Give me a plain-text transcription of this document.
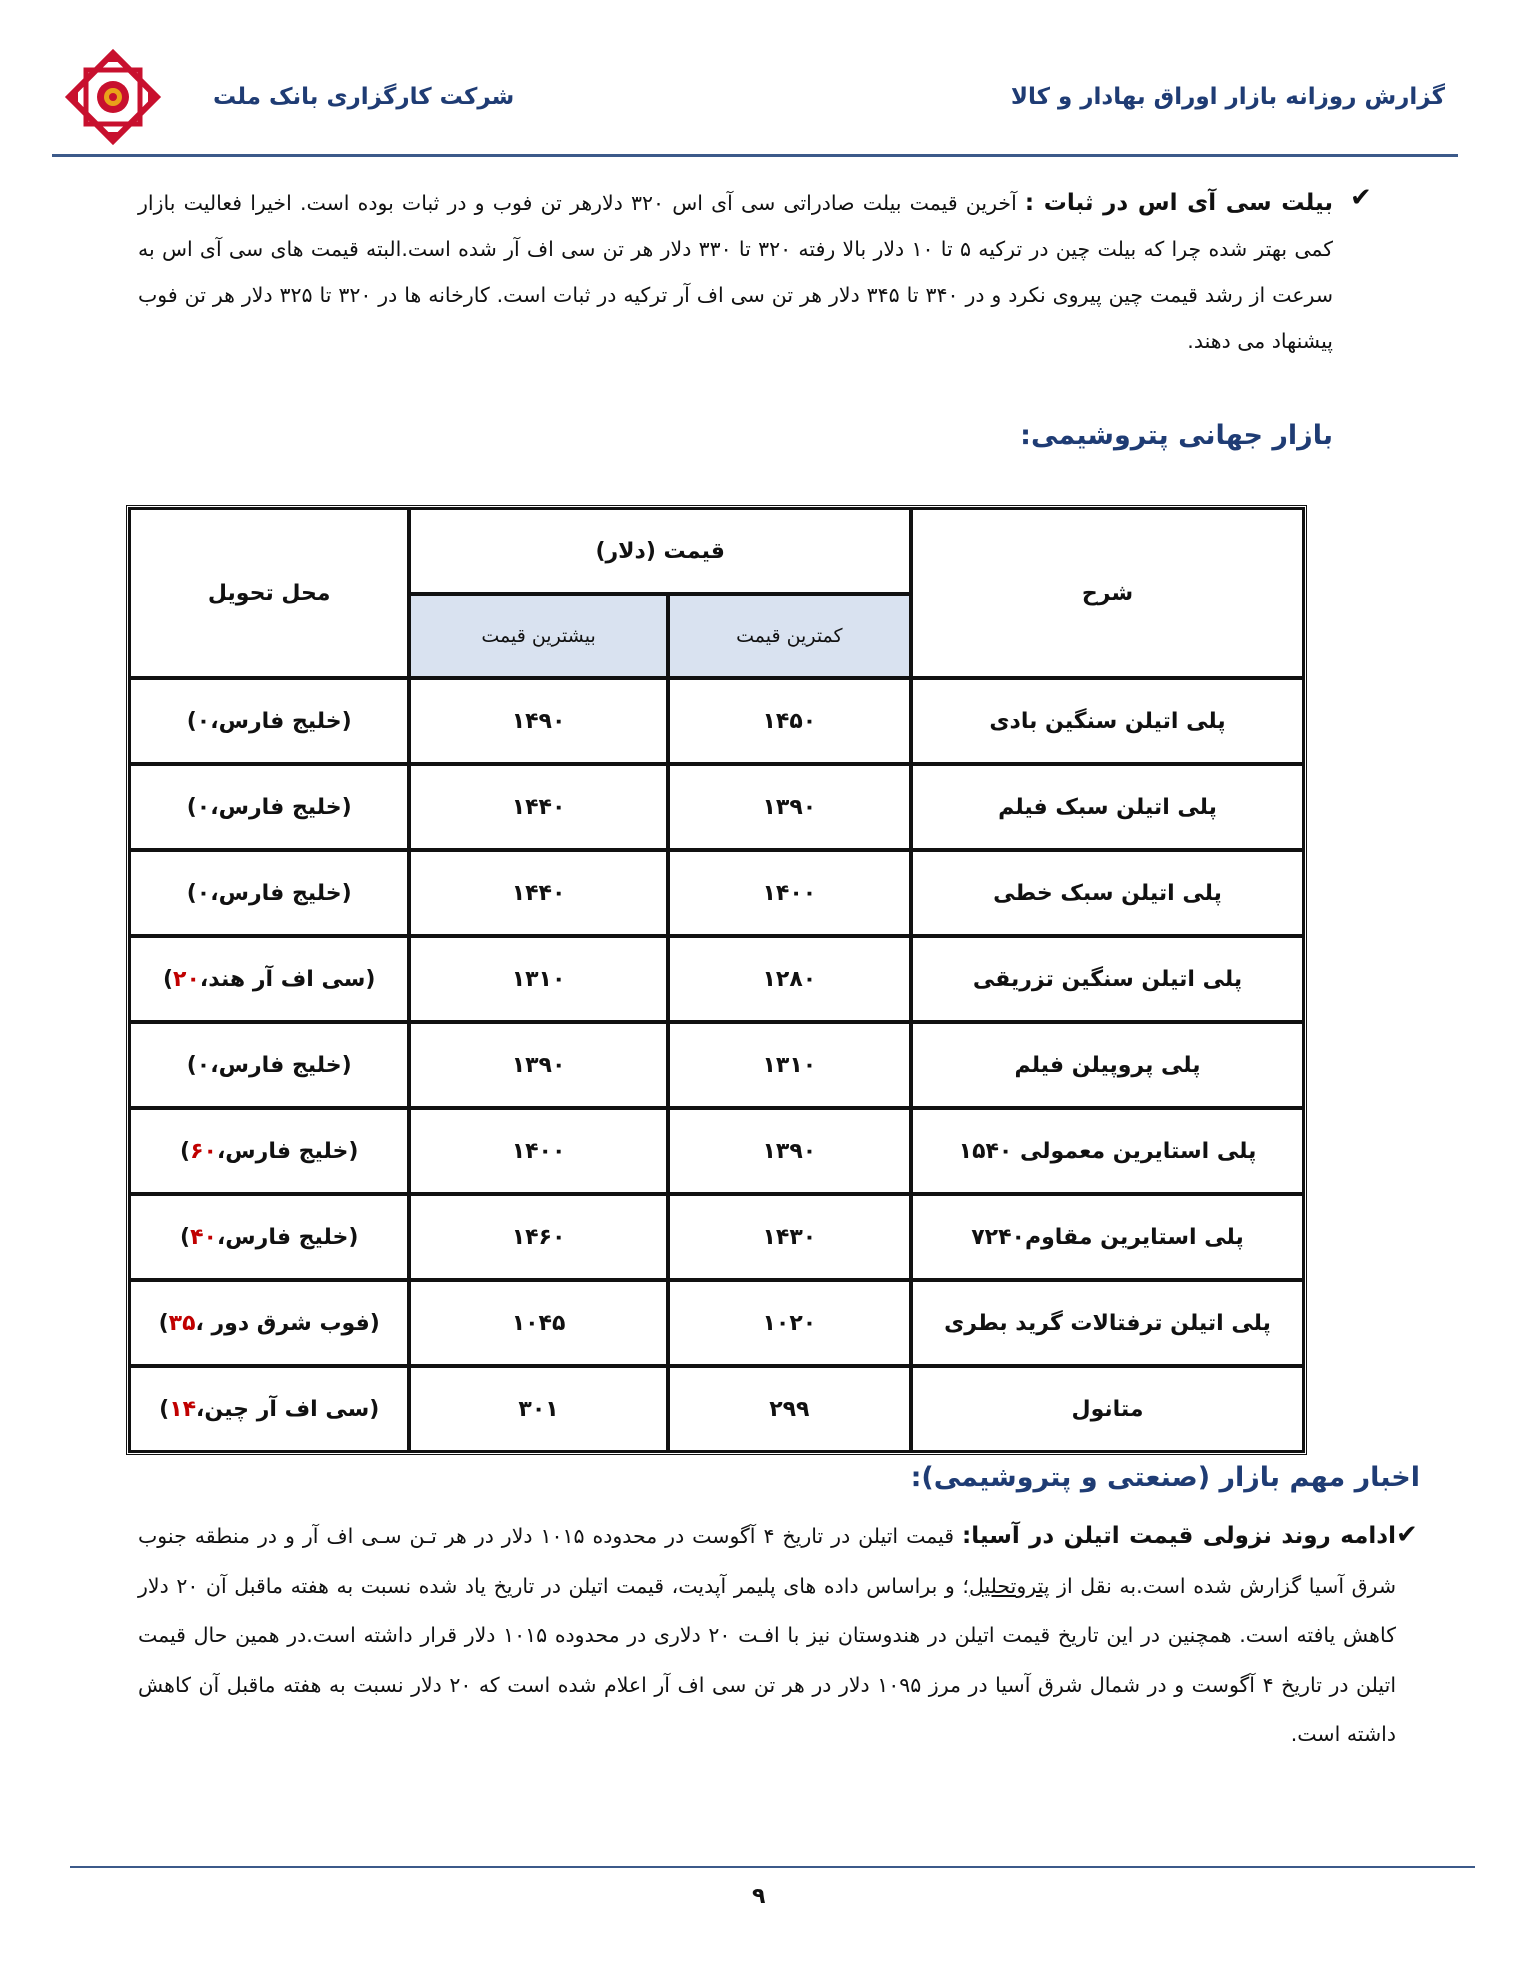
شرکت کارگزاری بانک ملت	گزارش روزانه بازار اوراق بهادار و کالا
✔
بیلت سی آی اس در ثبات : آخرین قیمت بیلت صادراتی سی آی اس ۳۲۰ دلارهر تن فوب و در ثبات بوده است. اخیرا فعالیت بازار کمی بهتر شده چرا که بیلت چین در ترکیه ۵ تا ۱۰ دلار بالا رفته ۳۲۰ تا ۳۳۰ دلار هر تن سی اف آر شده است.البته قیمت های سی آی اس به سرعت از رشد قیمت چین پیروی نکرد و در ۳۴۰ تا ۳۴۵ دلار هر تن سی اف آر ترکیه در ثبات است. کارخانه ها در ۳۲۰ تا ۳۲۵ دلار هر تن فوب پیشنهاد می دهند.
بازار جهانی پتروشیمی:
شرح	قیمت (دلار)		محل تحویل
	کمترین قیمت	بیشترین قیمت	
پلی اتیلن سنگین بادی	۱۴۵۰	۱۴۹۰	(خلیج فارس،۰)
پلی اتیلن سبک فیلم	۱۳۹۰	۱۴۴۰	(خلیج فارس،۰)
پلی اتیلن سبک خطی	۱۴۰۰	۱۴۴۰	(خلیج فارس،۰)
پلی اتیلن سنگین تزریقی	۱۲۸۰	۱۳۱۰	(سی اف آر هند،۲۰)
پلی پروپیلن فیلم	۱۳۱۰	۱۳۹۰	(خلیج فارس،۰)
پلی استایرین معمولی ۱۵۴۰	۱۳۹۰	۱۴۰۰	(خلیج فارس،۶۰)
پلی استایرین مقاوم۷۲۴۰	۱۴۳۰	۱۴۶۰	(خلیج فارس،۴۰)
پلی اتیلن ترفتالات گرید بطری	۱۰۲۰	۱۰۴۵	(فوب شرق دور ،۳۵)
متانول	۲۹۹	۳۰۱	(سی اف آر چین،۱۴)
اخبار مهم بازار (صنعتی و پتروشیمی):
✔
ادامه روند نزولی قیمت اتیلن در آسیا: قیمت اتیلن در تاریخ ۴ آگوست در محدوده ۱۰۱۵ دلار در هر تـن سـی اف آر و در منطقه جنوب شرق آسیا گزارش شده است.به نقل از پتروتحلیل؛ و براساس داده های پلیمر آپدیت، قیمت اتیلن در تاریخ یاد شده نسبت به هفته ماقبل آن ۲۰ دلار کاهش یافته است. همچنین در این تاریخ قیمت اتیلن در هندوستان نیز با افـت ۲۰ دلاری در محدوده ۱۰۱۵ دلار قرار داشته است.در همین حال قیمت اتیلن در تاریخ ۴ آگوست و در شمال شرق آسیا در مرز ۱۰۹۵ دلار در هر تن سی اف آر اعلام شده است که ۲۰ دلار نسبت به هفته ماقبل آن کاهش داشته است.
۹
